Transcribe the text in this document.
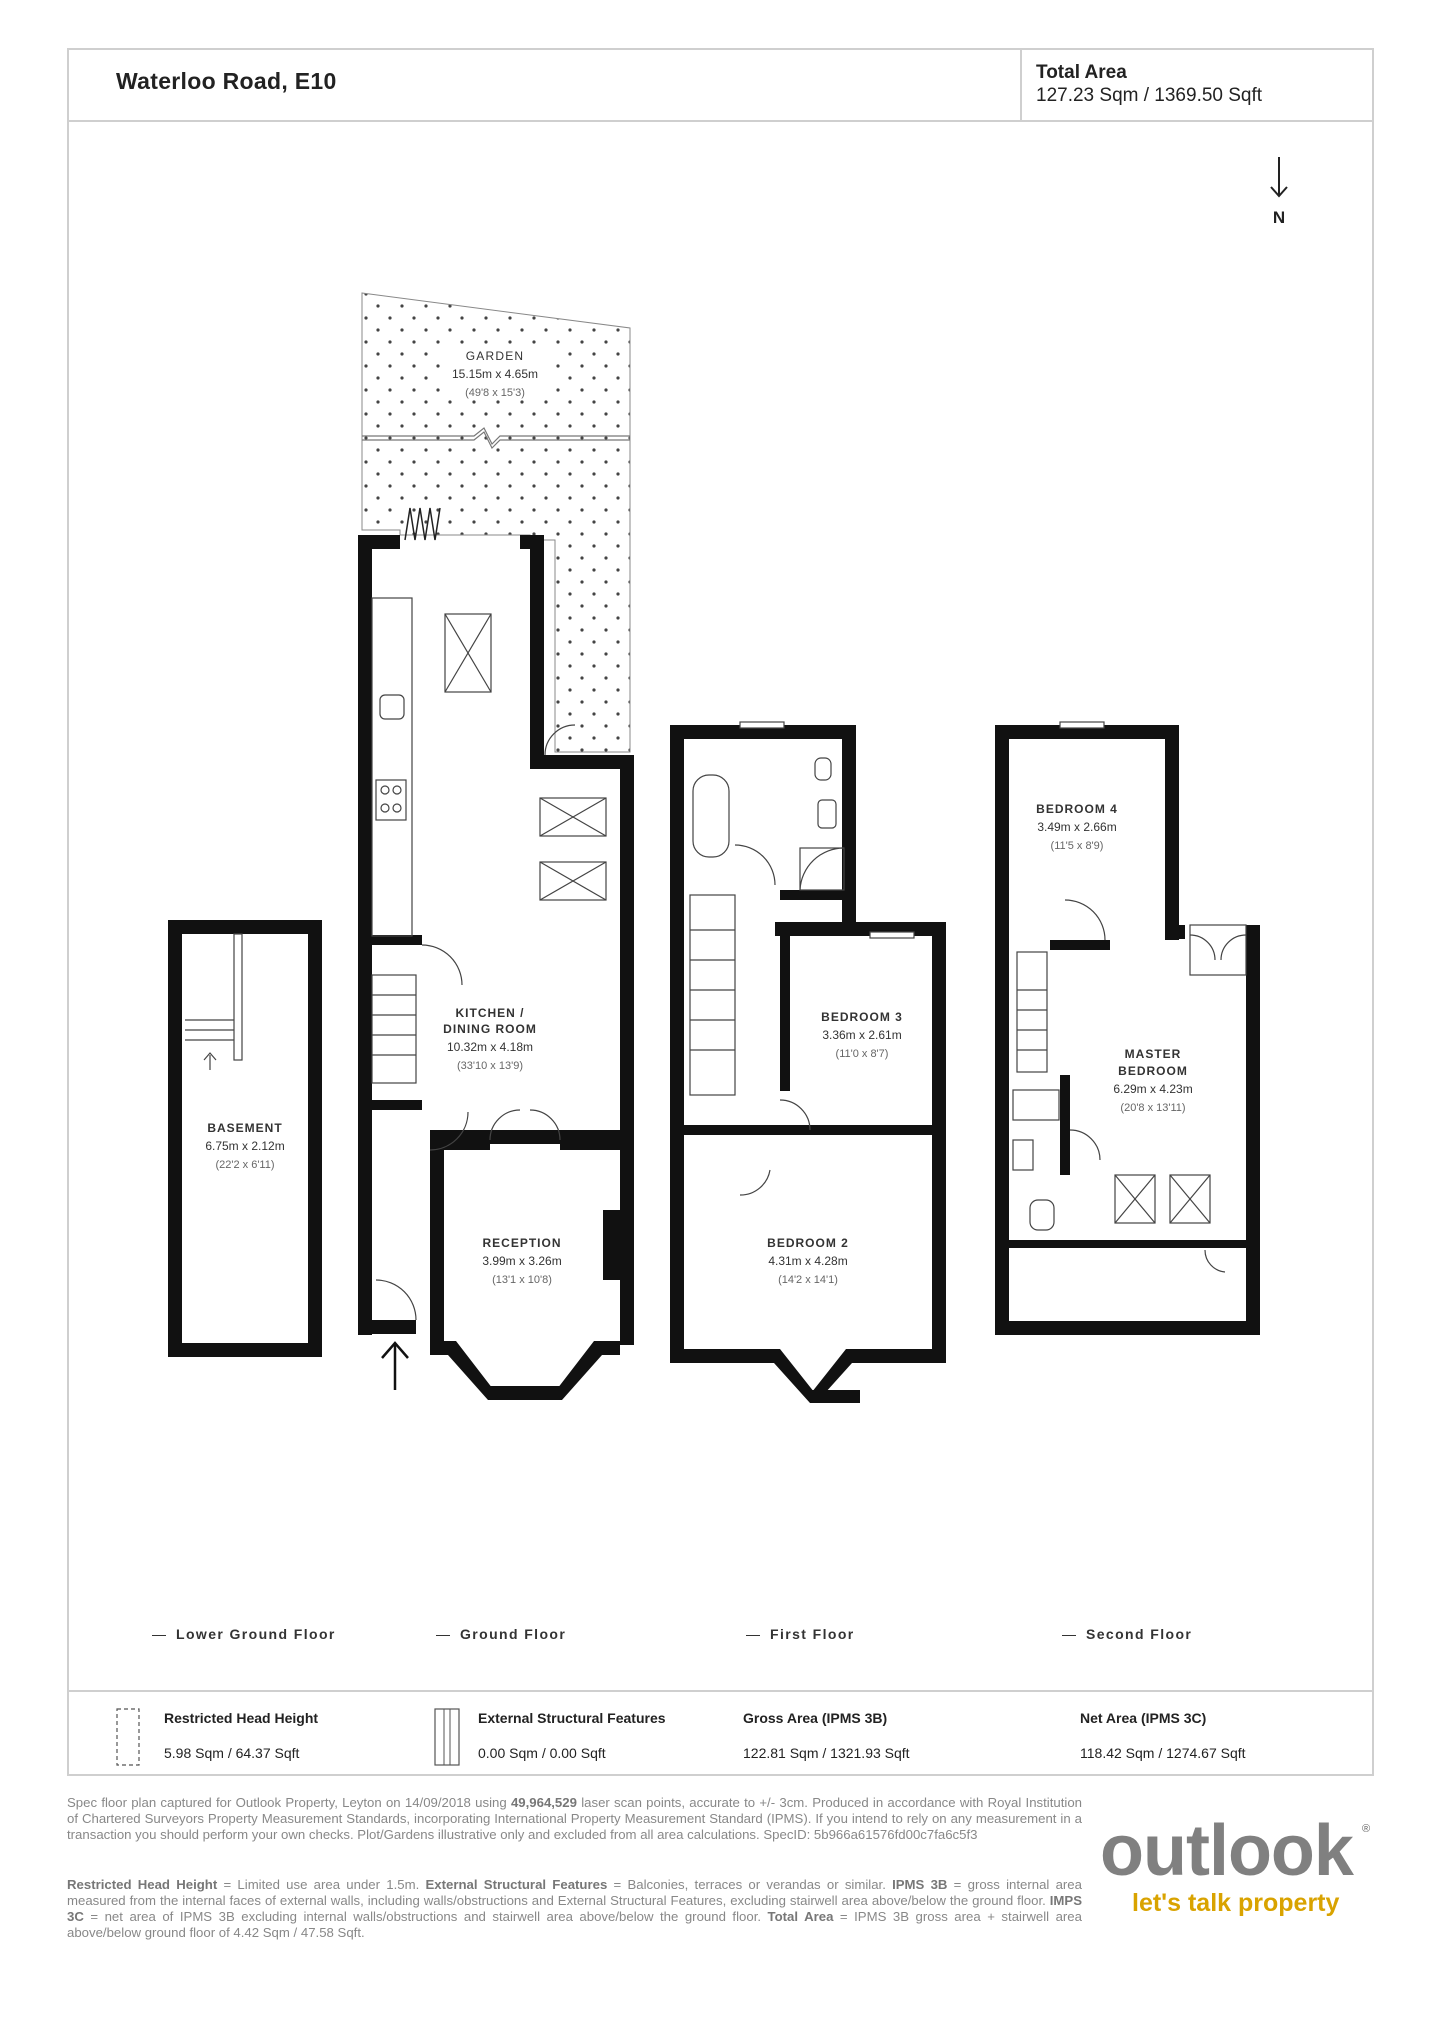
Waterloo Road, E10	Total Area
127.23 Sqm / 1369.50 Sqft
N
GARDEN
15.15m x 4.65m
(49'8 x 15'3)
KITCHEN /
DINING ROOM
10.32m x 4.18m
(33'10 x 13'9)
RECEPTION
3.99m x 3.26m
(13'1 x 10'8)
BASEMENT
6.75m x 2.12m
(22'2 x 6'11)
BEDROOM 3
3.36m x 2.61m
(11'0 x 8'7)
BEDROOM 2
4.31m x 4.28m
(14'2 x 14'1)
BEDROOM 4
3.49m x 2.66m
(11'5 x 8'9)
MASTER
BEDROOM
6.29m x 4.23m
(20'8 x 13'11)
Lower Ground Floor	Ground Floor	First Floor	Second Floor
Restricted Head Height
5.98 Sqm / 64.37 Sqft
External Structural Features
0.00 Sqm / 0.00 Sqft
Gross Area (IPMS 3B)
122.81 Sqm / 1321.93 Sqft
Net Area (IPMS 3C)
118.42 Sqm / 1274.67 Sqft
Spec floor plan captured for Outlook Property, Leyton on 14/09/2018 using 49,964,529 laser scan points, accurate to +/- 3cm. Produced in accordance with Royal Institution of Chartered Surveyors Property Measurement Standards, incorporating International Property Measurement Standard (IPMS). If you intend to rely on any measurement in a transaction you should perform your own checks. Plot/Gardens illustrative only and excluded from all area calculations. SpecID: 5b966a61576fd00c7fa6c5f3
Restricted Head Height = Limited use area under 1.5m. External Structural Features = Balconies, terraces or verandas or similar. IPMS 3B = gross internal area measured from the internal faces of external walls, including walls/obstructions and External Structural Features, excluding stairwell area above/below the ground floor. IMPS 3C = net area of IPMS 3B excluding internal walls/obstructions and stairwell area above/below the ground floor. Total Area = IPMS 3B gross area + stairwell area above/below ground floor of 4.42 Sqm / 47.58 Sqft.
outlook ®
let's talk property
